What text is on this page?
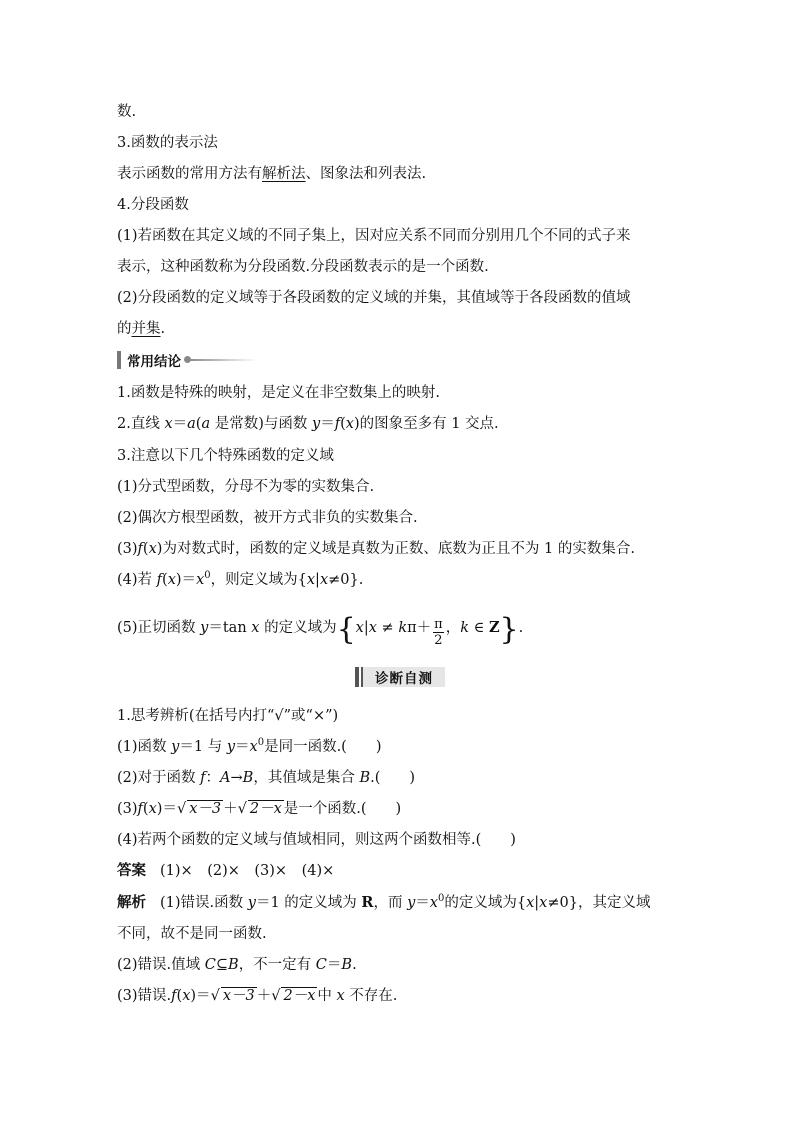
数.
3.函数的表示法
表示函数的常用方法有解析法、图象法和列表法.
4.分段函数
(1)若函数在其定义域的不同子集上，因对应关系不同而分别用几个不同的式子来
表示，这种函数称为分段函数.分段函数表示的是一个函数.
(2)分段函数的定义域等于各段函数的定义域的并集，其值域等于各段函数的值域
的并集.
常用结论
1.函数是特殊的映射，是定义在非空数集上的映射.
2.直线 x＝a(a 是常数)与函数 y＝f(x)的图象至多有 1 交点.
3.注意以下几个特殊函数的定义域
(1)分式型函数，分母不为零的实数集合.
(2)偶次方根型函数，被开方式非负的实数集合.
(3)f(x)为对数式时，函数的定义域是真数为正数、底数为正且不为 1 的实数集合.
(4)若 $f(x)=x^0$，则定义域为{x|x≠0}.
(5)正切函数 y＝tan x 的定义域为{$x|x \ne k\pi+ \frac{\pi}{2}$ ，k ∈ Z}.
诊断自测
1.思考辨析(在括号内打“√”或“×”)
(1)函数 y＝1 与 $y=x^0$是同一函数.(　　)
(2)对于函数 f：A→B，其值域是集合 B.(　　)
(3)f(x)＝√ x－3 ＋√ 2－x 是一个函数.(　　)
(4)若两个函数的定义域与值域相同，则这两个函数相等.(　　)
答案 (1)×　(2)×　(3)×　(4)×
解析 (1)错误.函数 y＝1 的定义域为 R，而 $y=x^0$的定义域为{x|x≠0}，其定义域
不同，故不是同一函数.
(2)错误.值域 C⊆B，不一定有 C＝B.
(3)错误.f(x)＝√ x－3 ＋√ 2－x 中 x 不存在.
